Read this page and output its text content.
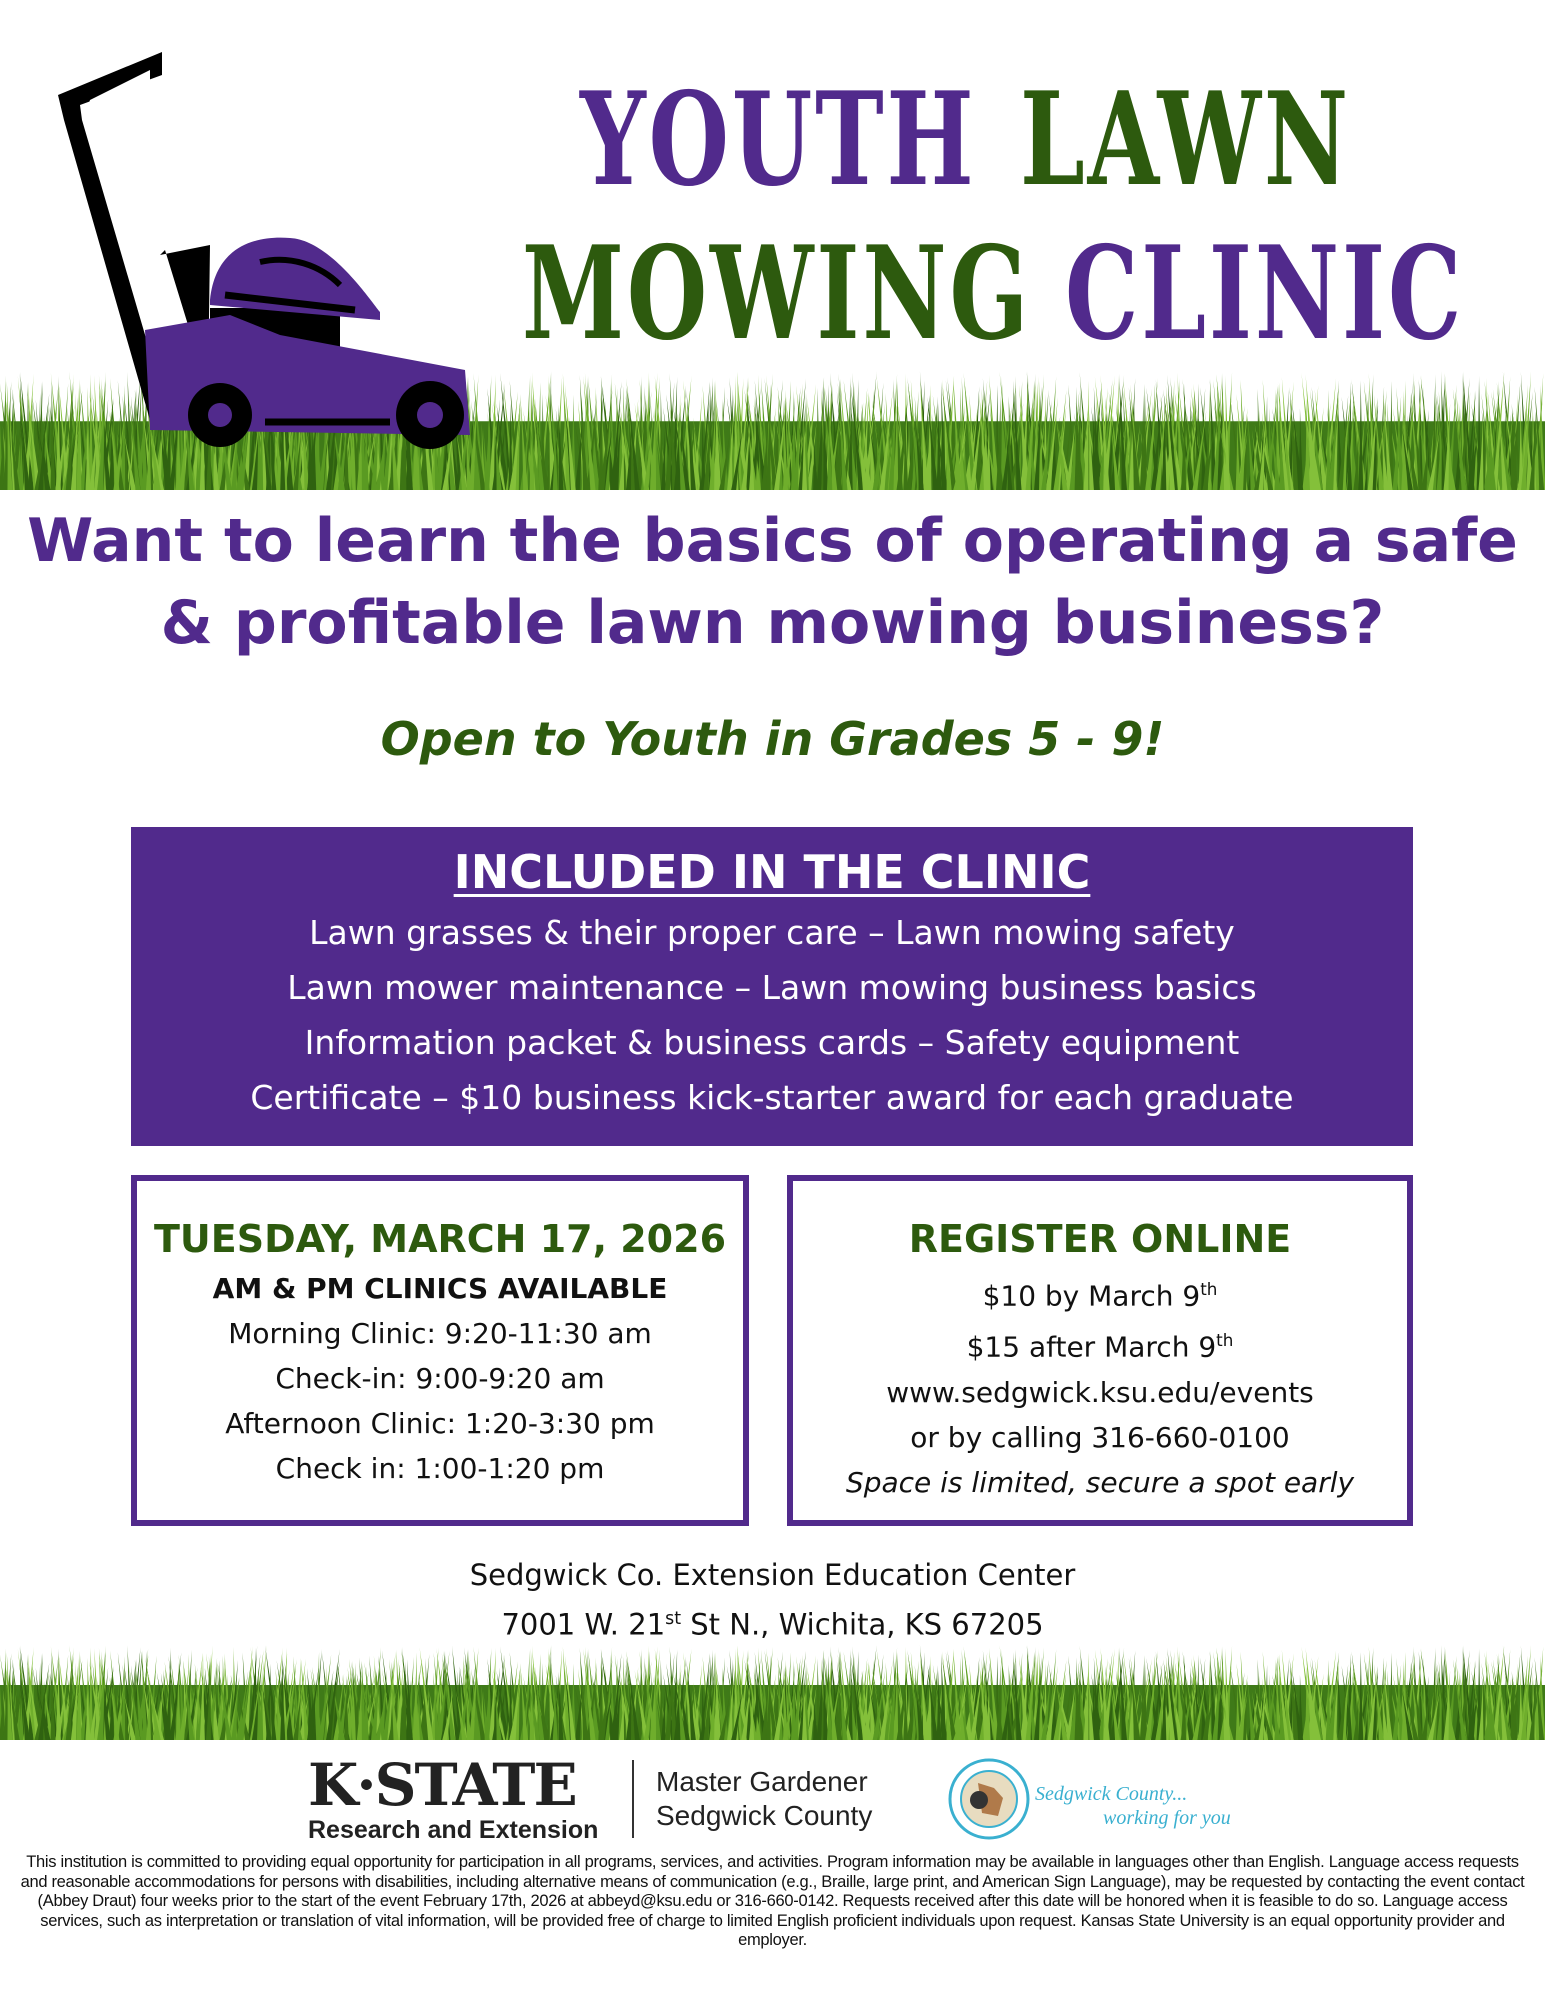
YOUTH LAWN
MOWING CLINIC
Want to learn the basics of operating a safe
& profitable lawn mowing business?
Open to Youth in Grades 5 - 9!
INCLUDED IN THE CLINIC
Lawn grasses & their proper care – Lawn mowing safety
Lawn mower maintenance – Lawn mowing business basics
Information packet & business cards – Safety equipment
Certificate – $10 business kick-starter award for each graduate
TUESDAY, MARCH 17, 2026
AM & PM CLINICS AVAILABLE
Morning Clinic: 9:20-11:30 am
Check-in: 9:00-9:20 am
Afternoon Clinic: 1:20-3:30 pm
Check in: 1:00-1:20 pm
REGISTER ONLINE
$10 by March 9th
$15 after March 9th
www.sedgwick.ksu.edu/events
or by calling 316-660-0100
Space is limited, secure a spot early
Sedgwick Co. Extension Education Center
7001 W. 21st St N., Wichita, KS 67205
K·STATE
Research and Extension
Master Gardener
Sedgwick County
Sedgwick County...
working for you
This institution is committed to providing equal opportunity for participation in all programs, services, and activities. Program information may be available in languages other than English. Language access requests and reasonable accommodations for persons with disabilities, including alternative means of communication (e.g., Braille, large print, and American Sign Language), may be requested by contacting the event contact (Abbey Draut) four weeks prior to the start of the event February 17th, 2026 at abbeyd@ksu.edu or 316-660-0142. Requests received after this date will be honored when it is feasible to do so. Language access services, such as interpretation or translation of vital information, will be provided free of charge to limited English proficient individuals upon request. Kansas State University is an equal opportunity provider and employer.
